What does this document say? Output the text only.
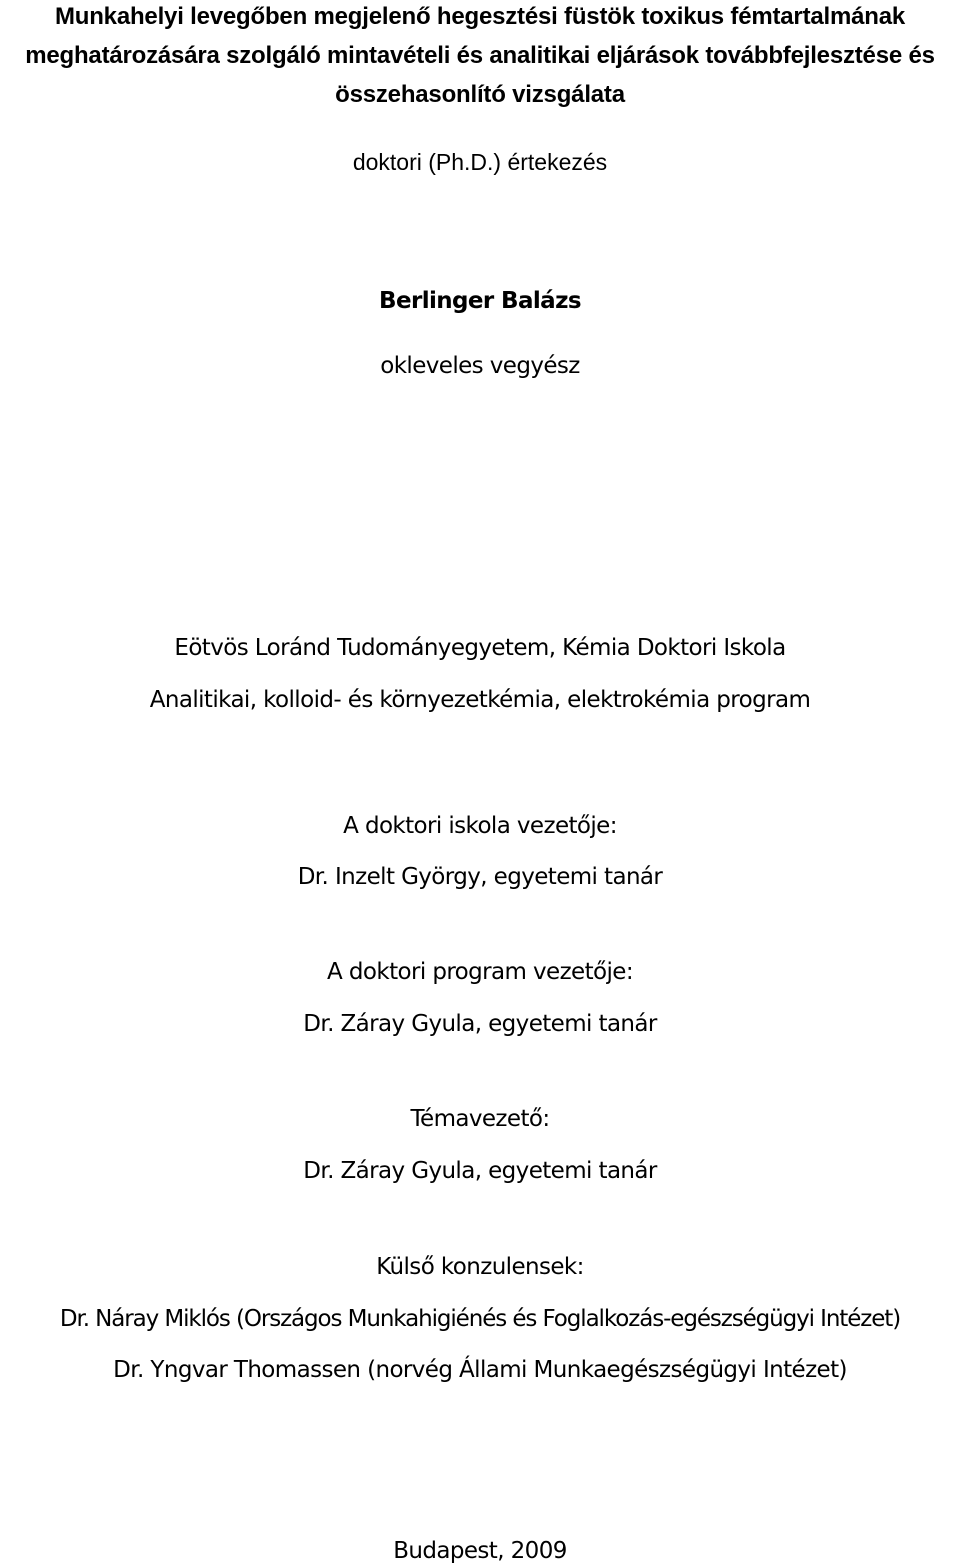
Munkahelyi levegőben megjelenő hegesztési füstök toxikus fémtartalmának
meghatározására szolgáló mintavételi és analitikai eljárások továbbfejlesztése és
összehasonlító vizsgálata
doktori (Ph.D.) értekezés
Berlinger Balázs
okleveles vegyész
Eötvös Loránd Tudományegyetem, Kémia Doktori Iskola
Analitikai, kolloid- és környezetkémia, elektrokémia program
A doktori iskola vezetője:
Dr. Inzelt György, egyetemi tanár
A doktori program vezetője:
Dr. Záray Gyula, egyetemi tanár
Témavezető:
Dr. Záray Gyula, egyetemi tanár
Külső konzulensek:
Dr. Náray Miklós (Országos Munkahigiénés és Foglalkozás-egészségügyi Intézet)
Dr. Yngvar Thomassen (norvég Állami Munkaegészségügyi Intézet)
Budapest, 2009
